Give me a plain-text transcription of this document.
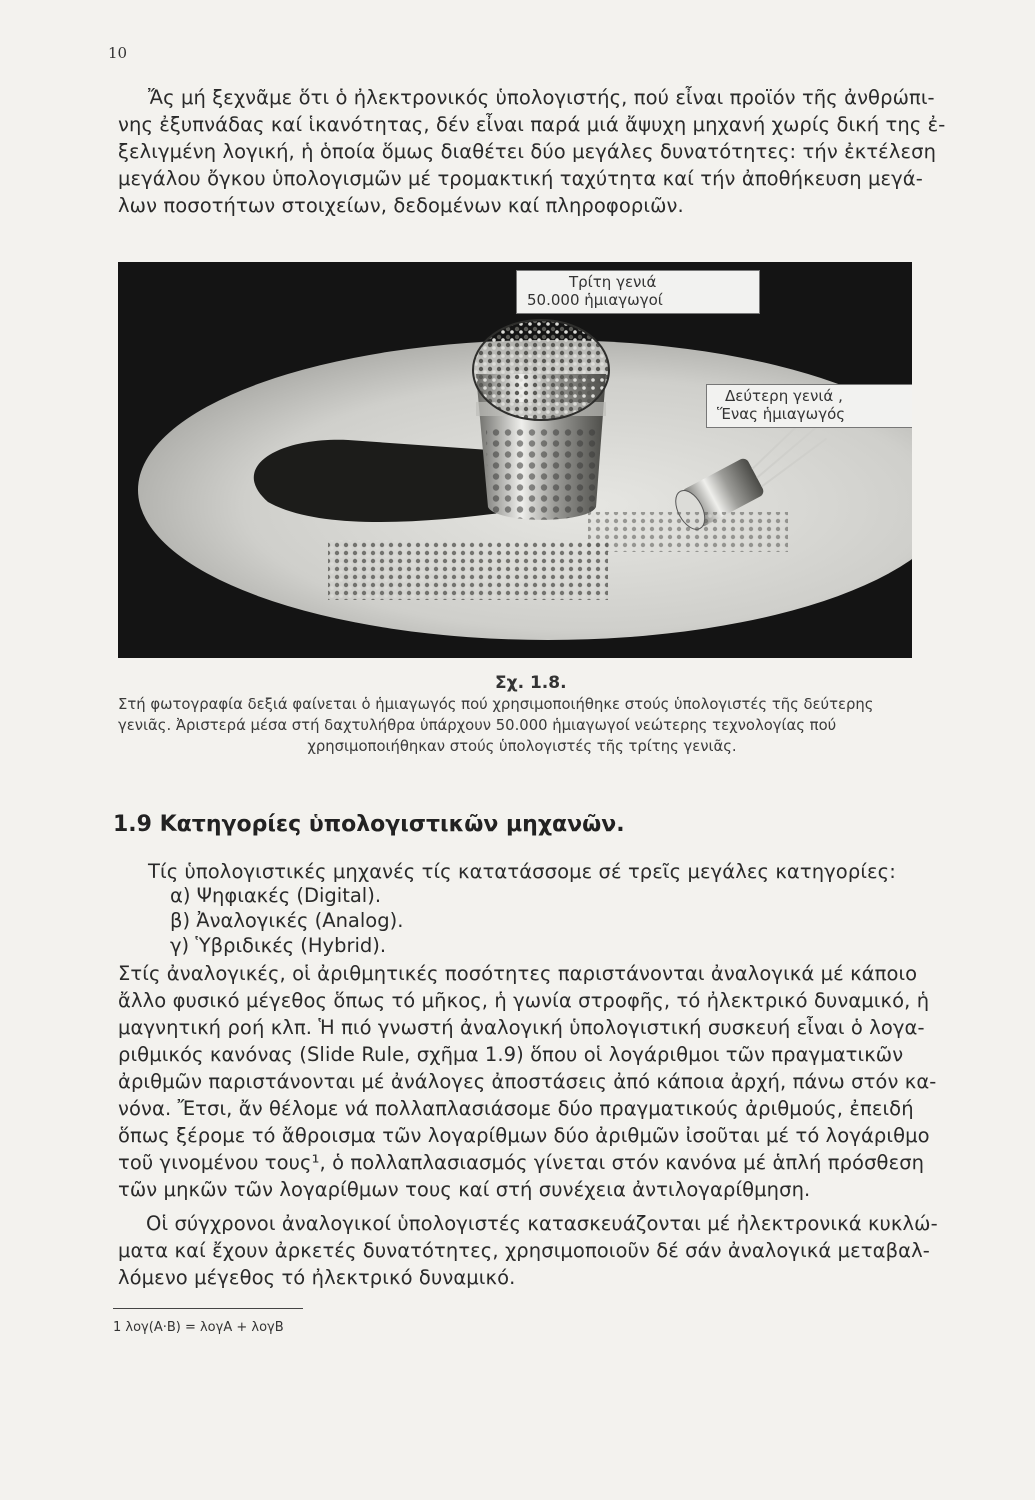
10

Ἄς μή ξεχνᾶμε ὅτι ὁ ἠλεκτρονικός ὑπολογιστής, πού εἶναι προϊόν τῆς ἀνθρώπι-
νης ἐξυπνάδας καί ἱκανότητας, δέν εἶναι παρά μιά ἄψυχη μηχανή χωρίς δική της ἐ-
ξελιγμένη λογική, ἡ ὁποία ὅμως διαθέτει δύο μεγάλες δυνατότητες: τήν ἐκτέλεση
μεγάλου ὄγκου ὑπολογισμῶν μέ τρομακτική ταχύτητα καί τήν ἀποθήκευση μεγά-
λων ποσοτήτων στοιχείων, δεδομένων καί πληροφοριῶν.

Τρίτη γενιά
50.000 ἡμιαγωγοί
Δεύτερη γενιά ,
Ἕνας ἡμιαγωγός
Σχ. 1.8.
Στή φωτογραφία δεξιά φαίνεται ὁ ἡμιαγωγός πού χρησιμοποιήθηκε στούς ὑπολογιστές τῆς δεύτερης
γενιᾶς. Ἀριστερά μέσα στή δαχτυλήθρα ὑπάρχουν 50.000 ἡμιαγωγοί νεώτερης τεχνολογίας πού
χρησιμοποιήθηκαν στούς ὑπολογιστές τῆς τρίτης γενιᾶς.
1.9 Κατηγορίες ὑπολογιστικῶν μηχανῶν.

Τίς ὑπολογιστικές μηχανές τίς κατατάσσομε σέ τρεῖς μεγάλες κατηγορίες:

α) Ψηφιακές (Digital).
β) Ἀναλογικές (Analog).
γ) Ὑβριδικές (Hybrid).

Στίς ἀναλογικές, οἱ ἀριθμητικές ποσότητες παριστάνονται ἀναλογικά μέ κάποιο
ἄλλο φυσικό μέγεθος ὅπως τό μῆκος, ἡ γωνία στροφῆς, τό ἠλεκτρικό δυναμικό, ἡ
μαγνητική ροή κλπ. Ἡ πιό γνωστή ἀναλογική ὑπολογιστική συσκευή εἶναι ὁ λογα-
ριθμικός κανόνας (Slide Rule, σχῆμα 1.9) ὅπου οἱ λογάριθμοι τῶν πραγματικῶν
ἀριθμῶν παριστάνονται μέ ἀνάλογες ἀποστάσεις ἀπό κάποια ἀρχή, πάνω στόν κα-
νόνα. Ἔτσι, ἄν θέλομε νά πολλαπλασιάσομε δύο πραγματικούς ἀριθμούς, ἐπειδή
ὅπως ξέρομε τό ἄθροισμα τῶν λογαρίθμων δύο ἀριθμῶν ἰσοῦται μέ τό λογάριθμο
τοῦ γινομένου τους¹, ὁ πολλαπλασιασμός γίνεται στόν κανόνα μέ ἁπλή πρόσθεση
τῶν μηκῶν τῶν λογαρίθμων τους καί στή συνέχεια ἀντιλογαρίθμηση.

Οἱ σύγχρονοι ἀναλογικοί ὑπολογιστές κατασκευάζονται μέ ἠλεκτρονικά κυκλώ-
ματα καί ἔχουν ἀρκετές δυνατότητες, χρησιμοποιοῦν δέ σάν ἀναλογικά μεταβαλ-
λόμενο μέγεθος τό ἠλεκτρικό δυναμικό.

1 λογ(A·B) = λογA + λογB
